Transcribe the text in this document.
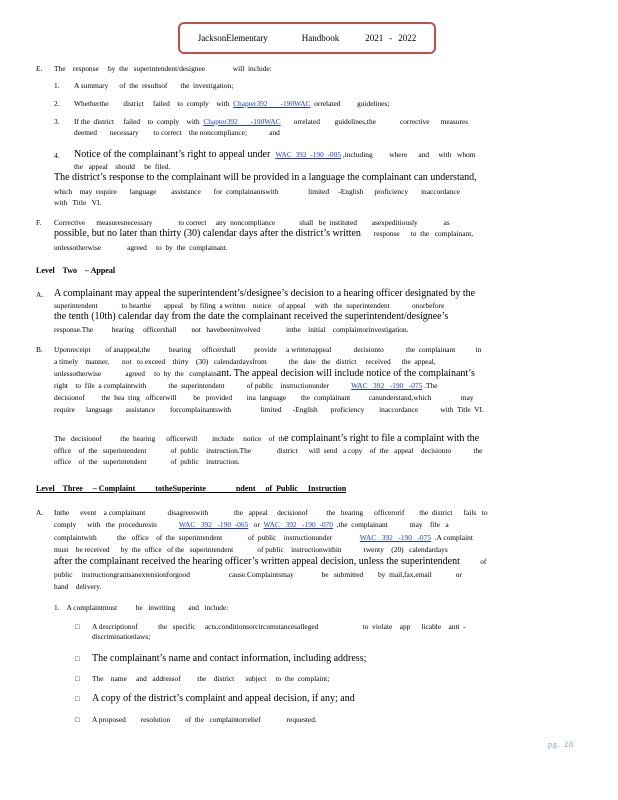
JacksonElementary	Handbook	2021 - 2022
E. The    response     by  the   superintendent/designee               will  include:
1. A summary      of  the  resultsof       the  investigation;
2. Whetherthe        district     failed    to  comply    with  Chapter392       -190WAC  orrelated         guidelines;
3. If the  district     failed    to  comply    with  Chapter392       -190WAC       orrelated        guidelines,the             corrective      measures
deemed       necessary        to correct    the noncompliance;            and
4. Notice of the complainant’s right to appeal under  WAC  392  -190  -005 ,including         where      and     with   whom
the   appeal    should     be  filed.
The district’s response to the complainant will be provided in a language the complainant can understand,
which    may  require       language        assistance       for  complainantswith                limited     -English      proficiency       inaccordance
with   Title   VI.
F. Corrective      measuresnecessary              to correct     any  noncompliance             shall   be  instituted        asexpeditiously              as
possible, but no later than thirty (30) calendar days after the district’s written       response      to  the   complainant,
unlessotherwise              agreed     to  by  the  complainant.
Level    Two    – Appeal
A. A complainant may appeal the superintendent’s/designee’s decision to a hearing officer designated by the
superintendent             to hearthe       appeal    by filing  a written    notice    of appeal     with   the  superintendent            onorbefore
the tenth (10th) calendar day from the date the complainant received the superintendent/designee’s
response.The          hearing     officershall        not   havebeeninvolved              inthe    initial    complaintorinvestigation.
B. Uponreceipt        of anappeal,the          hearing      officershall          provide     a writtenappeal            decisionto            the  complainant           in
a timely    manner,       not   to exceed    thirty    (30)   calendardaysfrom            the   date   the   district     received      the  appeal,
unlessotherwise             agreed     to  by  the   complainant. The appeal decision will include notice of the complainant’s
right    to  file  a complaintwith            the  superintendent            of public    instructionunder            WAC   392   -190   -075 .The
decisionof         the  hea  ring   officerwill         be   provided        ina  language        the  complainant          canunderstand,which                may
require      language       assistance        forcomplainantswith                limited      -English       proficiency        inaccordance            with  Title  VI.
The   decisionof          the  hearing      officerwill        include     notice    of  the complainant’s right to file a complaint with the
office    of  the   superintendent             of  public    instruction.The              district      will  send   a copy    of  the   appeal    decisionto            the
office    of  the   superintendent             of  public    instruction.
Level    Three     – Complaint          totheSuperinte               ndent     of  Public     Instruction
A. Inthe      event    a complainant            disagreeswith              the   appeal     decisionof          the   hearing      officerorif        the  district      fails   to
comply      with   the  proceduresin            WAC   392   -190  -065   or  WAC   392   -190  -070  ,the  complainant            may    file   a
complaintwith           the   office    of  the  superintendent              of  public    instructionunder               WAC   392   -190   -075  .A complaint
must    be received      by  the  office   of the   superintendent             of public    instructionwithin            twenty    (20)   calendardays
after the complainant received the hearing officer’s written appeal decision, unless the superintendent           of
public     instructiongrantsanextensionforgood                     cause.Complaintsmay               be   submitted        by  mail,fax,email             or
hand    delivery.
1.    A complaintmust          be   inwriting       and   include:
□ A descriptionof           the   specific     acts,conditionsorcircumstancesalleged                        to  violate    app      licable    anti  -
discriminationlaws;
□ The complainant’s name and contact information, including address;
□ The    name     and   addressof         the    district      subject     to  the  complaint;
□ A copy of the district’s complaint and appeal decision, if any; and
□ A proposed        resolution        of  the   complaintorrelief              requested.
pg. 28
